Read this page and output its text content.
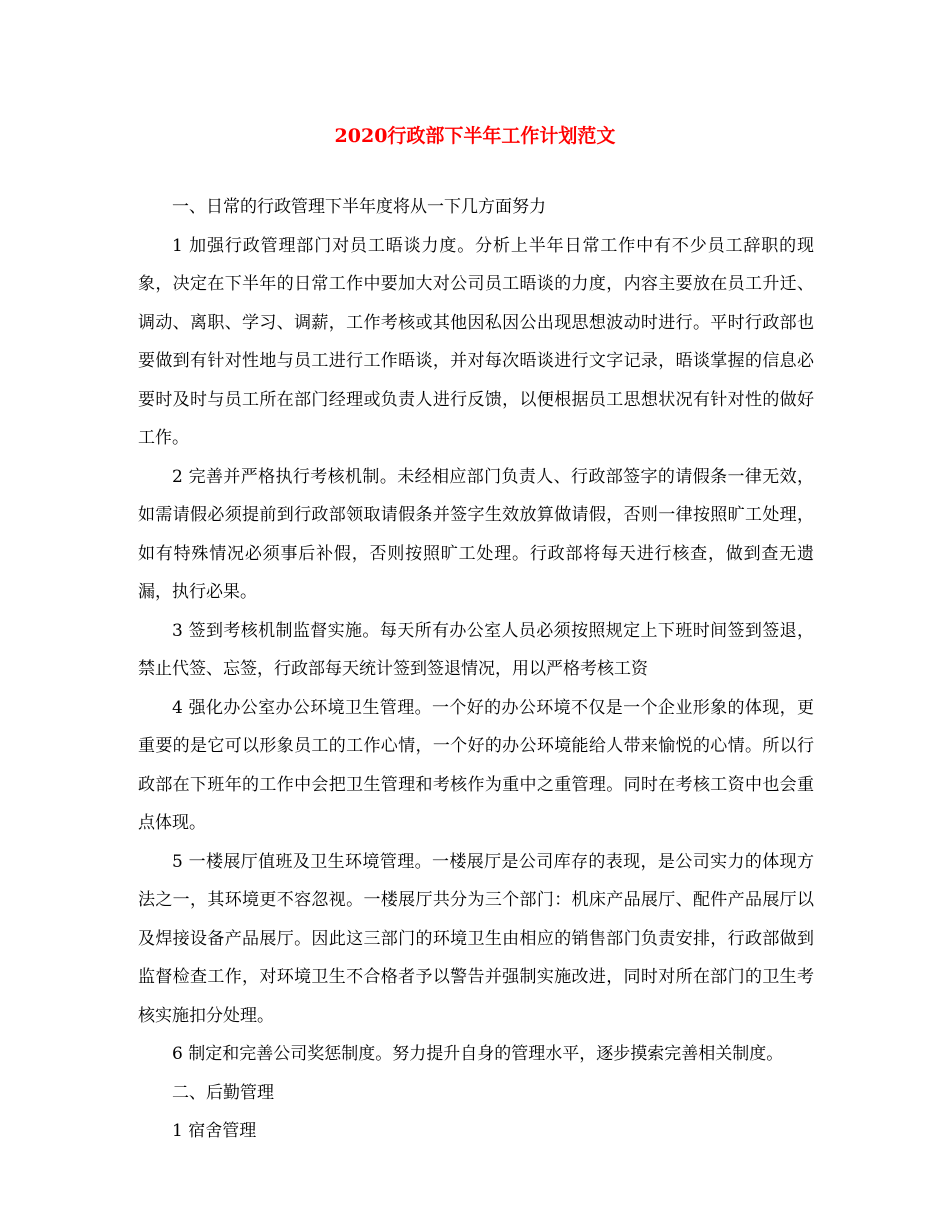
2020行政部下半年工作计划范文

一、日常的行政管理下半年度将从一下几方面努力

1 加强行政管理部门对员工晤谈力度。分析上半年日常工作中有不少员工辞职的现象，决定在下半年的日常工作中要加大对公司员工晤谈的力度，内容主要放在员工升迁、调动、离职、学习、调薪，工作考核或其他因私因公出现思想波动时进行。平时行政部也要做到有针对性地与员工进行工作晤谈，并对每次晤谈进行文字记录，晤谈掌握的信息必要时及时与员工所在部门经理或负责人进行反馈，以便根据员工思想状况有针对性的做好工作。

2 完善并严格执行考核机制。未经相应部门负责人、行政部签字的请假条一律无效，如需请假必须提前到行政部领取请假条并签字生效放算做请假，否则一律按照旷工处理，如有特殊情况必须事后补假，否则按照旷工处理。行政部将每天进行核查，做到查无遗漏，执行必果。

3 签到考核机制监督实施。每天所有办公室人员必须按照规定上下班时间签到签退，禁止代签、忘签，行政部每天统计签到签退情况，用以严格考核工资

4 强化办公室办公环境卫生管理。一个好的办公环境不仅是一个企业形象的体现，更重要的是它可以形象员工的工作心情，一个好的办公环境能给人带来愉悦的心情。所以行政部在下班年的工作中会把卫生管理和考核作为重中之重管理。同时在考核工资中也会重点体现。

5 一楼展厅值班及卫生环境管理。一楼展厅是公司库存的表现，是公司实力的体现方法之一，其环境更不容忽视。一楼展厅共分为三个部门：机床产品展厅、配件产品展厅以及焊接设备产品展厅。因此这三部门的环境卫生由相应的销售部门负责安排，行政部做到监督检查工作，对环境卫生不合格者予以警告并强制实施改进，同时对所在部门的卫生考核实施扣分处理。

6 制定和完善公司奖惩制度。努力提升自身的管理水平，逐步摸索完善相关制度。

二、后勤管理

1 宿舍管理
